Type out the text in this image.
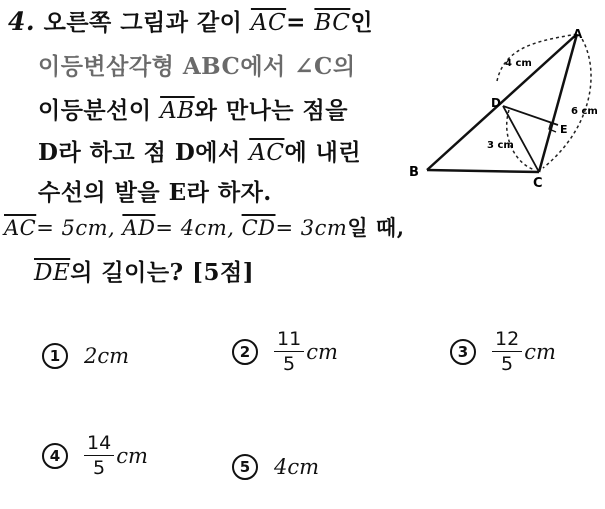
4. 오른쪽 그림과 같이 $\overline{AC}= \overline{BC}$인
이등변삼각형 ABC에서 ∠C의
이등분선이 $\overline{AB}$와 만나는 점을
D라 하고 점 D에서 $\overline{AC}$에 내린
수선의 발을 E라 하자.
$\overline{AC}= 5cm$, $\overline{AD}= 4cm$, $\overline{CD}= 3cm$일 때,
$\overline{DE}$의 길이는? [5점]
A
B
C
D
E
4 cm
6 cm
3 cm
1	2cm	2	$\frac{11}{5}$ cm	3	$\frac{12}{5}$ cm
4	$\frac{14}{5}$ cm	5	4cm
